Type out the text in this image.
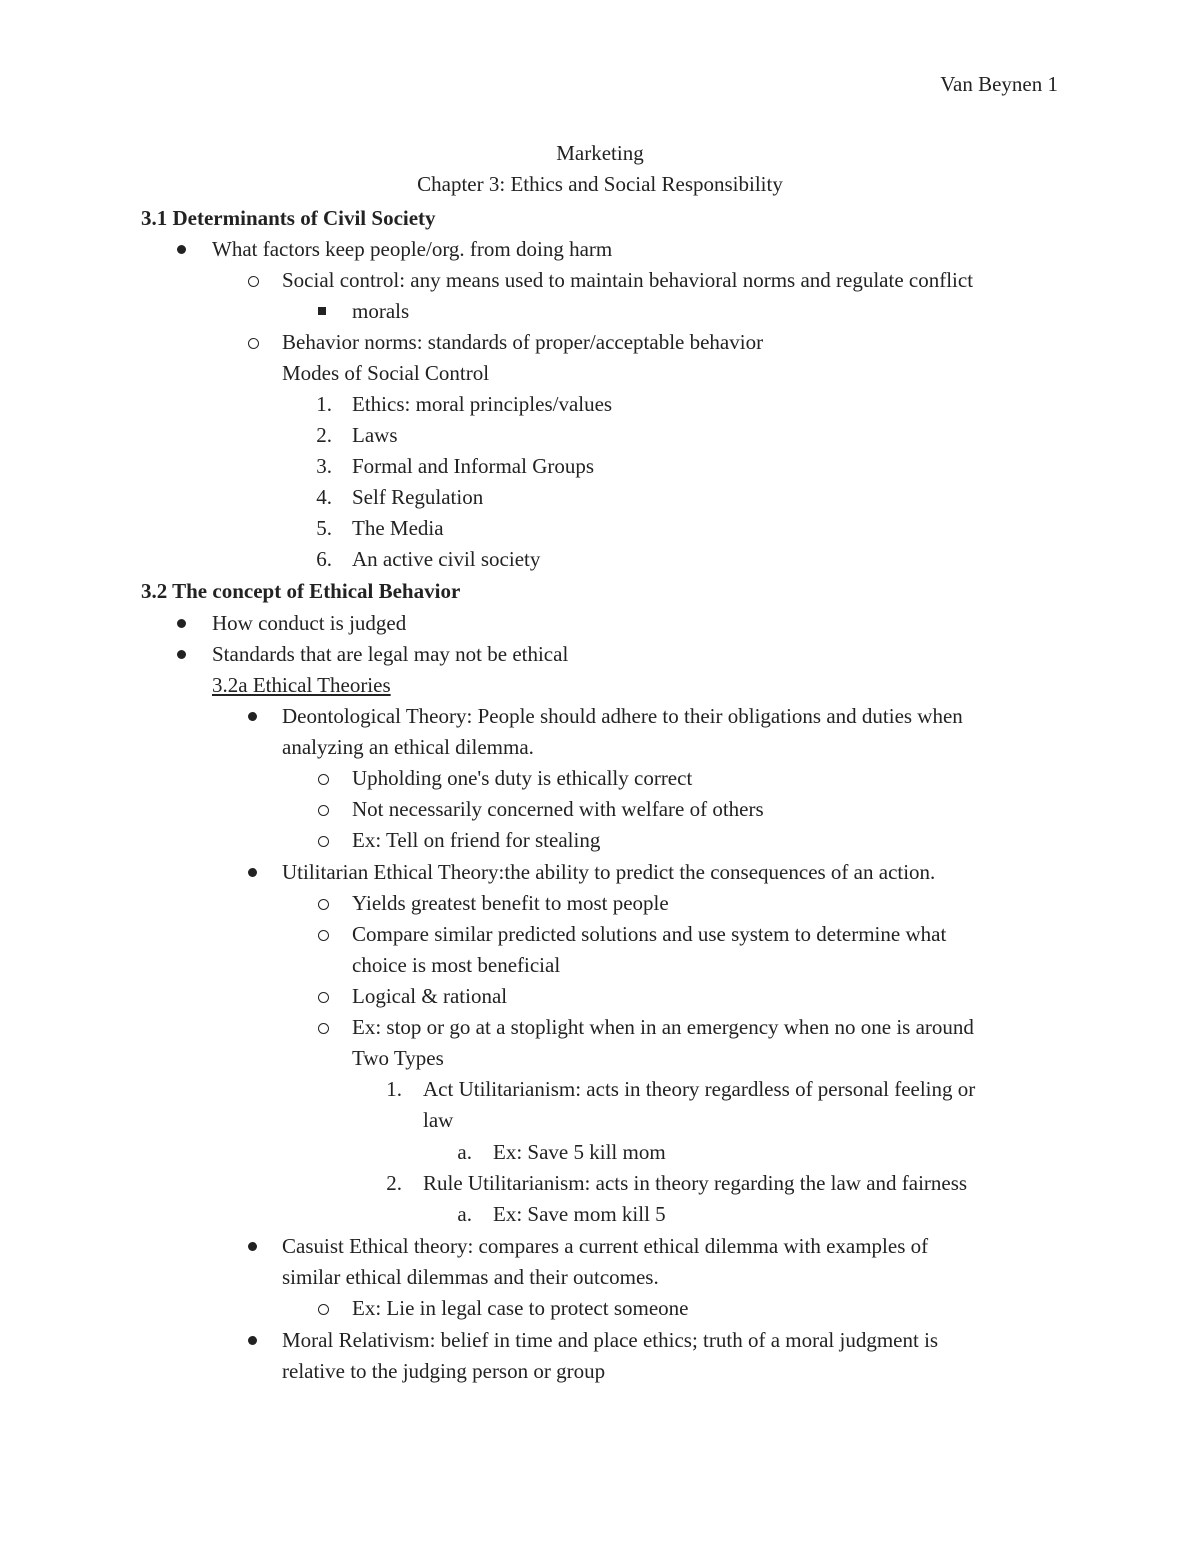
Van Beynen 1
Marketing
Chapter 3: Ethics and Social Responsibility
3.1 Determinants of Civil Society
What factors keep people/org. from doing harm
Social control: any means used to maintain behavioral norms and regulate conflict
morals
Behavior norms: standards of proper/acceptable behavior
Modes of Social Control
1. Ethics: moral principles/values
2. Laws
3. Formal and Informal Groups
4. Self Regulation
5. The Media
6. An active civil society
3.2 The concept of Ethical Behavior
How conduct is judged
Standards that are legal may not be ethical
3.2a Ethical Theories
Deontological Theory: People should adhere to their obligations and duties when
analyzing an ethical dilemma.
Upholding one's duty is ethically correct
Not necessarily concerned with welfare of others
Ex: Tell on friend for stealing
Utilitarian Ethical Theory:the ability to predict the consequences of an action.
Yields greatest benefit to most people
Compare similar predicted solutions and use system to determine what
choice is most beneficial
Logical & rational
Ex: stop or go at a stoplight when in an emergency when no one is around
Two Types
1. Act Utilitarianism: acts in theory regardless of personal feeling or
law
a. Ex: Save 5 kill mom
2. Rule Utilitarianism: acts in theory regarding the law and fairness
a. Ex: Save mom kill 5
Casuist Ethical theory: compares a current ethical dilemma with examples of
similar ethical dilemmas and their outcomes.
Ex: Lie in legal case to protect someone
Moral Relativism: belief in time and place ethics; truth of a moral judgment is
relative to the judging person or group
